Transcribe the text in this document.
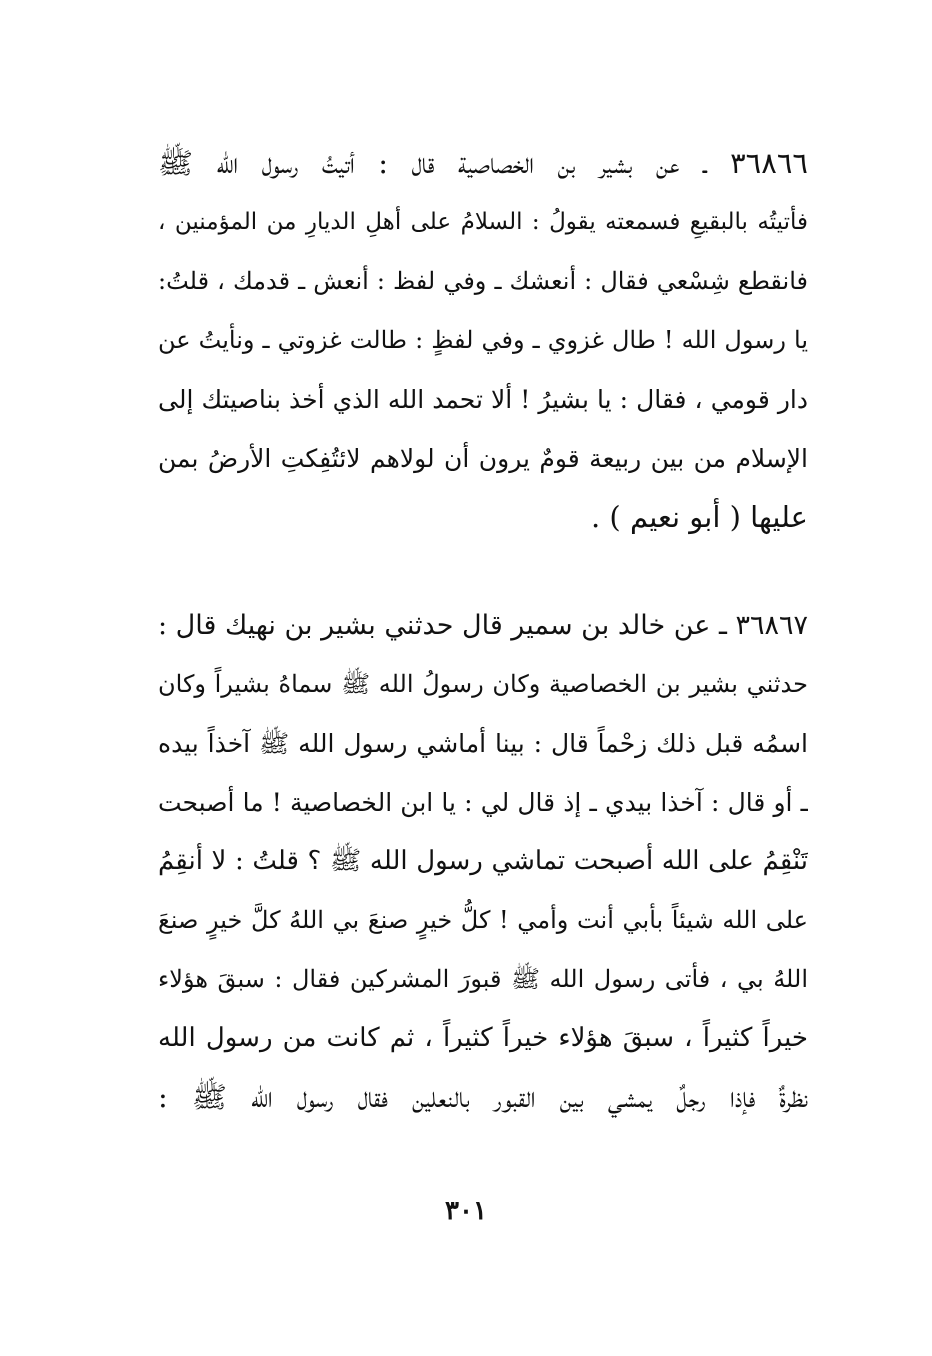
٣٦٨٦٦ ـ عن بشير بن الخصاصية قال : أتيتُ رسول الله ﷺ
فأتيتُه بالبقيعِ فسمعته يقولُ : السلامُ على أهلِ الديارِ من المؤمنين ،
فانقطع شِسْعي فقال : أنعشك ـ وفي لفظ : أنعش ـ قدمك ، قلتُ:
يا رسول الله ! طال غزوي ـ وفي لفظٍ : طالت غزوتي ـ ونأيتُ عن
دار قومي ، فقال : يا بشيرُ ! ألا تحمد الله الذي أخذ بناصيتك إلى
الإسلام من بين ربيعة قومٌ يرون أن لولاهم لائتُفِكتِ الأرضُ بمن
عليها ( أبو نعيم ) .
٣٦٨٦٧ ـ عن خالد بن سمير قال حدثني بشير بن نهيك قال :
حدثني بشير بن الخصاصية وكان رسولُ الله ﷺ سماهُ بشيراً وكان
اسمُه قبل ذلك زحْماً قال : بينا أماشي رسول الله ﷺ آخذاً بيده
ـ أو قال : آخذا بيدي ـ إذ قال لي : يا ابن الخصاصية ! ما أصبحت
تَنْقِمُ على الله أصبحت تماشي رسول الله ﷺ ؟ قلتُ : لا أنقِمُ
على الله شيئاً بأبي أنت وأمي ! كلُّ خيرٍ صنعَ بي اللهُ كلَّ خيرٍ صنعَ
اللهُ بي ، فأتى رسول الله ﷺ قبورَ المشركين فقال : سبقَ هؤلاء
خيراً كثيراً ، سبقَ هؤلاء خيراً كثيراً ، ثم كانت من رسول الله
نظرةٌ فإذا رجلٌ يمشي بين القبور بالنعلين فقال رسول الله ﷺ :
٣٠١
